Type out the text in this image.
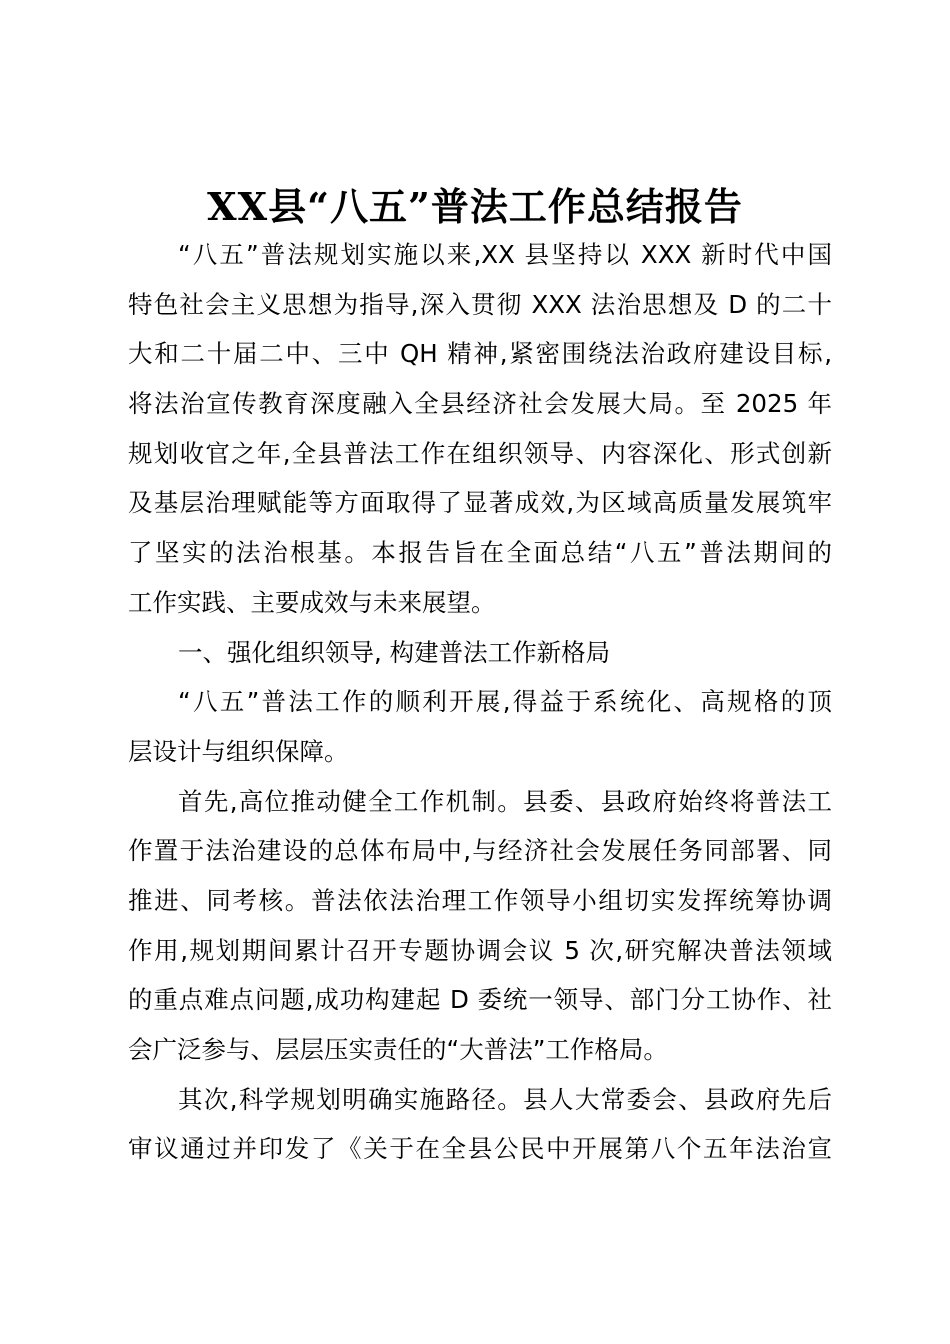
XX县“八五”普法工作总结报告
“八五”普法规划实施以来,XX 县坚持以 XXX 新时代中国
特色社会主义思想为指导,深入贯彻 XXX 法治思想及 D 的二十
大和二十届二中、三中 QH 精神,紧密围绕法治政府建设目标,
将法治宣传教育深度融入全县经济社会发展大局。至 2025 年
规划收官之年,全县普法工作在组织领导、内容深化、形式创新
及基层治理赋能等方面取得了显著成效,为区域高质量发展筑牢
了坚实的法治根基。本报告旨在全面总结“八五”普法期间的
工作实践、主要成效与未来展望。
一、强化组织领导, 构建普法工作新格局
“八五”普法工作的顺利开展,得益于系统化、高规格的顶
层设计与组织保障。
首先,高位推动健全工作机制。县委、县政府始终将普法工
作置于法治建设的总体布局中,与经济社会发展任务同部署、同
推进、同考核。普法依法治理工作领导小组切实发挥统筹协调
作用,规划期间累计召开专题协调会议 5 次,研究解决普法领域
的重点难点问题,成功构建起 D 委统一领导、部门分工协作、社
会广泛参与、层层压实责任的“大普法”工作格局。
其次,科学规划明确实施路径。县人大常委会、县政府先后
审议通过并印发了《关于在全县公民中开展第八个五年法治宣
